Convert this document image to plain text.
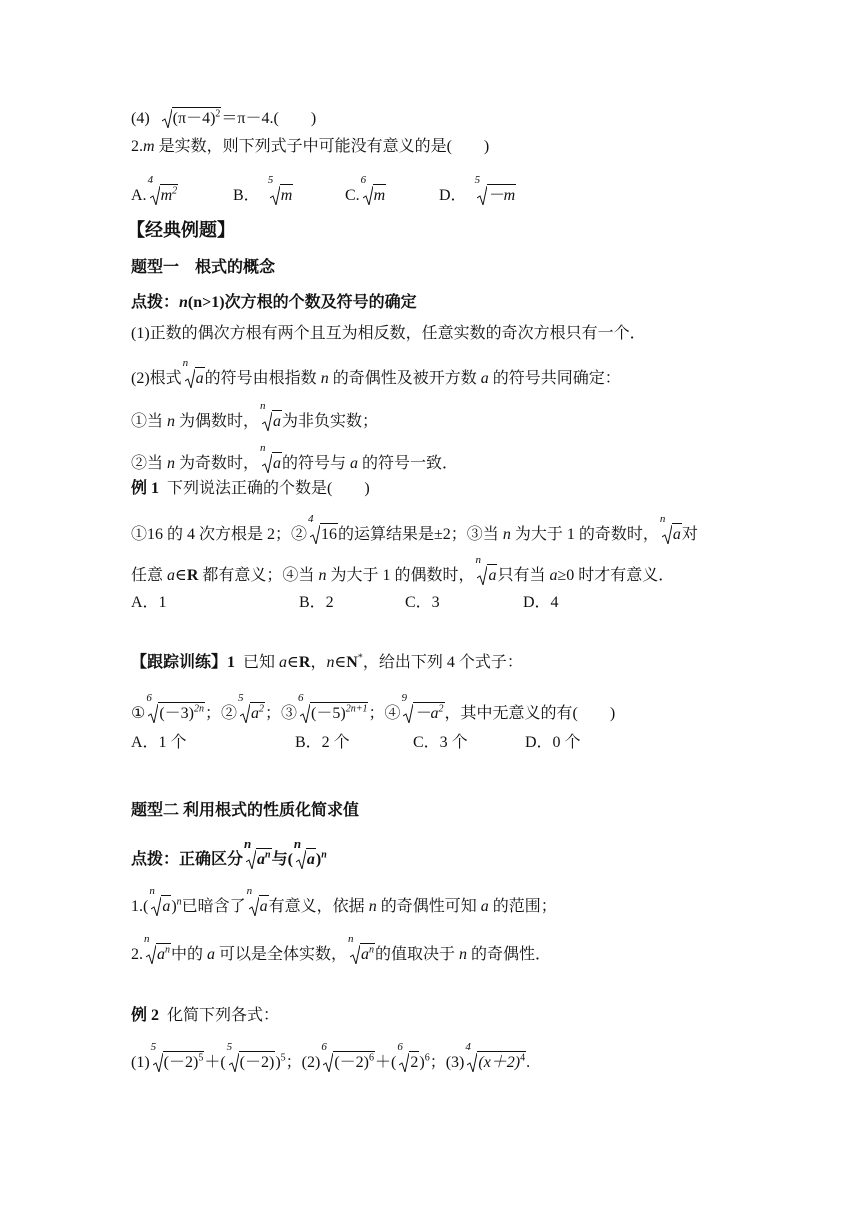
(4) $(\pi-4)^2=\pi-4$.(　　)
2.m 是实数，则下列式子中可能没有意义的是(　　)
A.
4
$m^2$	B．
5
m	C.
6
m	D．
5
－m
【经典例题】
题型一　根式的概念
点拨：n(n>1)次方根的个数及符号的确定
(1)正数的偶次方根有两个且互为相反数，任意实数的奇次方根只有一个．
(2)根式
n
a的符号由根指数 n 的奇偶性及被开方数 a 的符号共同确定：
①当 n 为偶数时，
n
a为非负实数；
②当 n 为奇数时，
n
a的符号与 a 的符号一致．
例 1 下列说法正确的个数是(　　)
①16 的 4 次方根是 2；②
4
16的运算结果是±2；③当 n 为大于 1 的奇数时，
n
a对
任意 a∈R 都有意义；④当 n 为大于 1 的偶数时，
n
a只有当 a≥0 时才有意义．
A．1	B．2	C．3	D．4
【跟踪训练】1 已知 a∈R，n∈N*，给出下列 4 个式子：
①
6
$(-3)^{2n}$；②
5
$a^2$；③
6
$(-5)^{2n+1}$；④
9
$-a^2$，其中无意义的有(　　)
A．1 个	B．2 个	C．3 个	D．0 个
题型二 利用根式的性质化简求值
点拨：正确区分
n
$a^n$与(
n
a)$^n$
1.(
n
a)$^n$已暗含了
n
a有意义，依据 n 的奇偶性可知 a 的范围；
2.
n
$a^n$中的 a 可以是全体实数，
n
$a^n$的值取决于 n 的奇偶性．
例 2 化简下列各式：
(1)
5
$(-2)^5+$(
5
(－2))$^5$；(2)
6
$(-2)^6+$(
6
2)$^6$；(3)
4
$(x+2)^4$.
